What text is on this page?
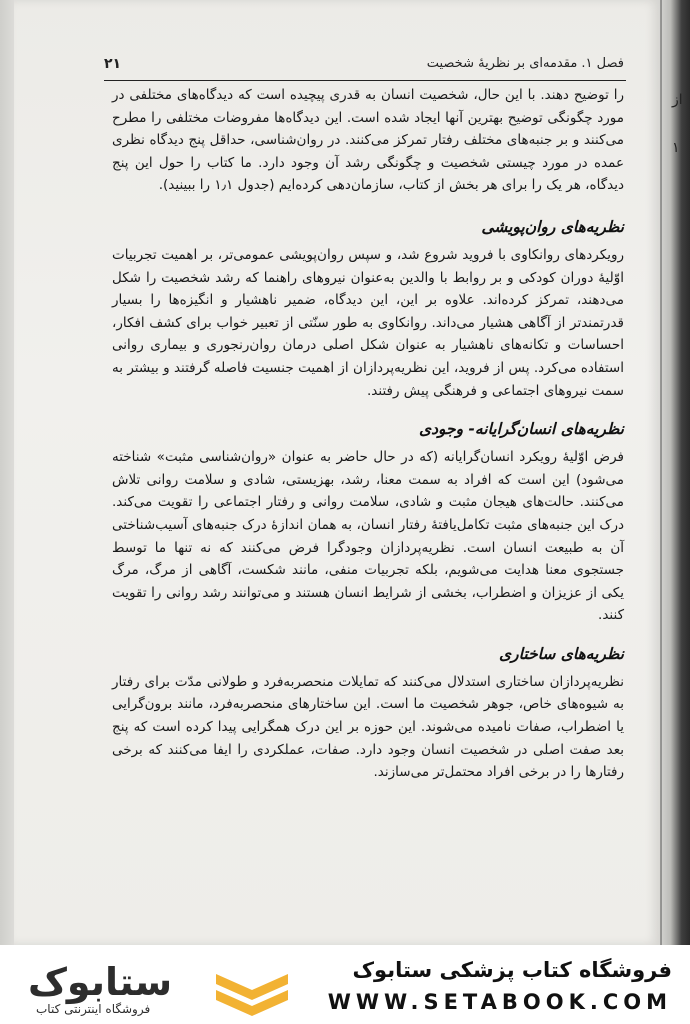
فصل ۱. مقدمه‌ای بر نظریهٔ شخصیت
۲۱

را توضیح دهند. با این حال، شخصیت انسان به قدری پیچیده است که دیدگاه‌های مختلفی در مورد چگونگی توضیح بهترین آنها ایجاد شده است. این دیدگاه‌ها مفروضات مختلفی را مطرح می‌کنند و بر جنبه‌های مختلف رفتار تمرکز می‌کنند. در روان‌شناسی، حداقل پنج دیدگاه نظری عمده در مورد چیستی شخصیت و چگونگی رشد آن وجود دارد. ما کتاب را حول این پنج دیدگاه، هر یک را برای هر بخش از کتاب، سازمان‌دهی کرده‌ایم (جدول ۱٫۱ را ببینید).

نظریه‌های روان‌پویشی

رویکردهای روانکاوی با فروید شروع شد، و سپس روان‌پویشی عمومی‌تر، بر اهمیت تجربیات اوّلیهٔ دوران کودکی و بر روابط با والدین به‌عنوان نیروهای راهنما که رشد شخصیت را شکل می‌دهند، تمرکز کرده‌اند. علاوه بر این، این دیدگاه، ضمیر ناهشیار و انگیزه‌ها را بسیار قدرتمندتر از آگاهی هشیار می‌داند. روانکاوی به طور سنّتی از تعبیر خواب برای کشف افکار، احساسات و تکانه‌های ناهشیار به عنوان شکل اصلی درمان روان‌رنجوری و بیماری روانی استفاده می‌کرد. پس از فروید، این نظریه‌پردازان از اهمیت جنسیت فاصله گرفتند و بیشتر به سمت نیروهای اجتماعی و فرهنگی پیش رفتند.

نظریه‌های انسان‌گرایانه- وجودی

فرض اوّلیهٔ رویکرد انسان‌گرایانه (که در حال حاضر به عنوان «روان‌شناسی مثبت» شناخته می‌شود) این است که افراد به سمت معنا، رشد، بهزیستی، شادی و سلامت روانی تلاش می‌کنند. حالت‌های هیجان مثبت و شادی، سلامت روانی و رفتار اجتماعی را تقویت می‌کند. درک این جنبه‌های مثبت تکامل‌یافتهٔ رفتار انسان، به همان اندازهٔ درک جنبه‌های آسیب‌شناختی آن به طبیعت انسان است. نظریه‌پردازان وجودگرا فرض می‌کنند که نه تنها ما توسط جستجوی معنا هدایت می‌شویم، بلکه تجربیات منفی، مانند شکست، آگاهی از مرگ، مرگ یکی از عزیزان و اضطراب، بخشی از شرایط انسان هستند و می‌توانند رشد روانی را تقویت کنند.

نظریه‌های ساختاری

نظریه‌پردازان ساختاری استدلال می‌کنند که تمایلات منحصربه‌فرد و طولانی مدّت برای رفتار به شیوه‌های خاص، جوهر شخصیت ما است. این ساختارهای منحصربه‌فرد، مانند برون‌گرایی یا اضطراب، صفات نامیده می‌شوند. این حوزه بر این درک همگرایی پیدا کرده است که پنج بعد صفت اصلی در شخصیت انسان وجود دارد. صفات، عملکردی را ایفا می‌کنند که برخی رفتارها را در برخی افراد محتمل‌تر می‌سازند.

از
۱
ستابوک
فروشگاه اینترنتی کتاب
فروشگاه کتاب پزشکی ستابوک
WWW.SETABOOK.COM
